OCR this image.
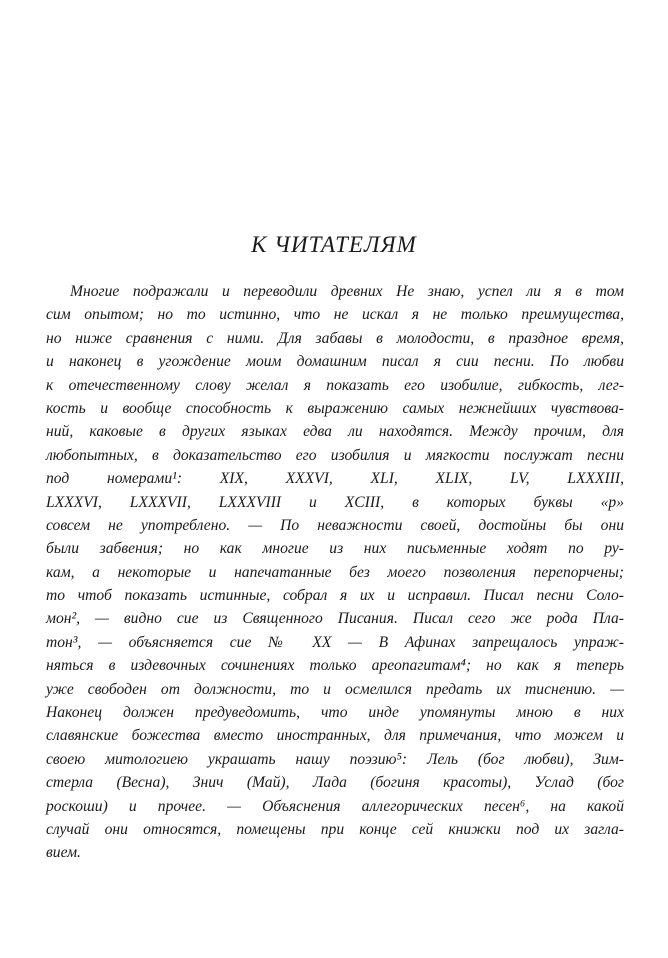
К ЧИТАТЕЛЯМ
Многие подражали и переводили древних Не знаю, успел ли я в том
сим опытом; но то истинно, что не искал я не только преимущества,
но ниже сравнения с ними. Для забавы в молодости, в праздное время,
и наконец в угождение моим домашним писал я сии песни. По любви
к отечественному слову желал я показать его изобилие, гибкость, лег-
кость и вообще способность к выражению самых нежнейших чувствова-
ний, каковые в других языках едва ли находятся. Между прочим, для
любопытных, в доказательство его изобилия и мягкости послужат песни
под номерами¹: XIX, XXXVI, XLI, XLIX, LV, LXXXIII,
LXXXVI, LXXXVII, LXXXVIII и XCIII, в которых буквы «р»
совсем не употреблено. — По неважности своей, достойны бы они
были забвения; но как многие из них письменные ходят по ру-
кам, а некоторые и напечатанные без моего позволения перепорчены;
то чтоб показать истинные, собрал я их и исправил. Писал песни Соло-
мон², — видно сие из Священного Писания. Писал сего же рода Пла-
тон³, — объясняется сие № XX — В Афинах запрещалось упраж-
няться в издевочных сочинениях только ареопагитам⁴; но как я теперь
уже свободен от должности, то и осмелился предать их тиснению. —
Наконец должен предуведомить, что инде упомянуты мною в них
славянские божества вместо иностранных, для примечания, что можем и
своею митологиею украшать нашу поэзию⁵: Лель (бог любви), Зим-
стерла (Весна), Знич (Май), Лада (богиня красоты), Услад (бог
роскоши) и прочее. — Объяснения аллегорических песен⁶, на какой
случай они относятся, помещены при конце сей книжки под их загла-
вием.
